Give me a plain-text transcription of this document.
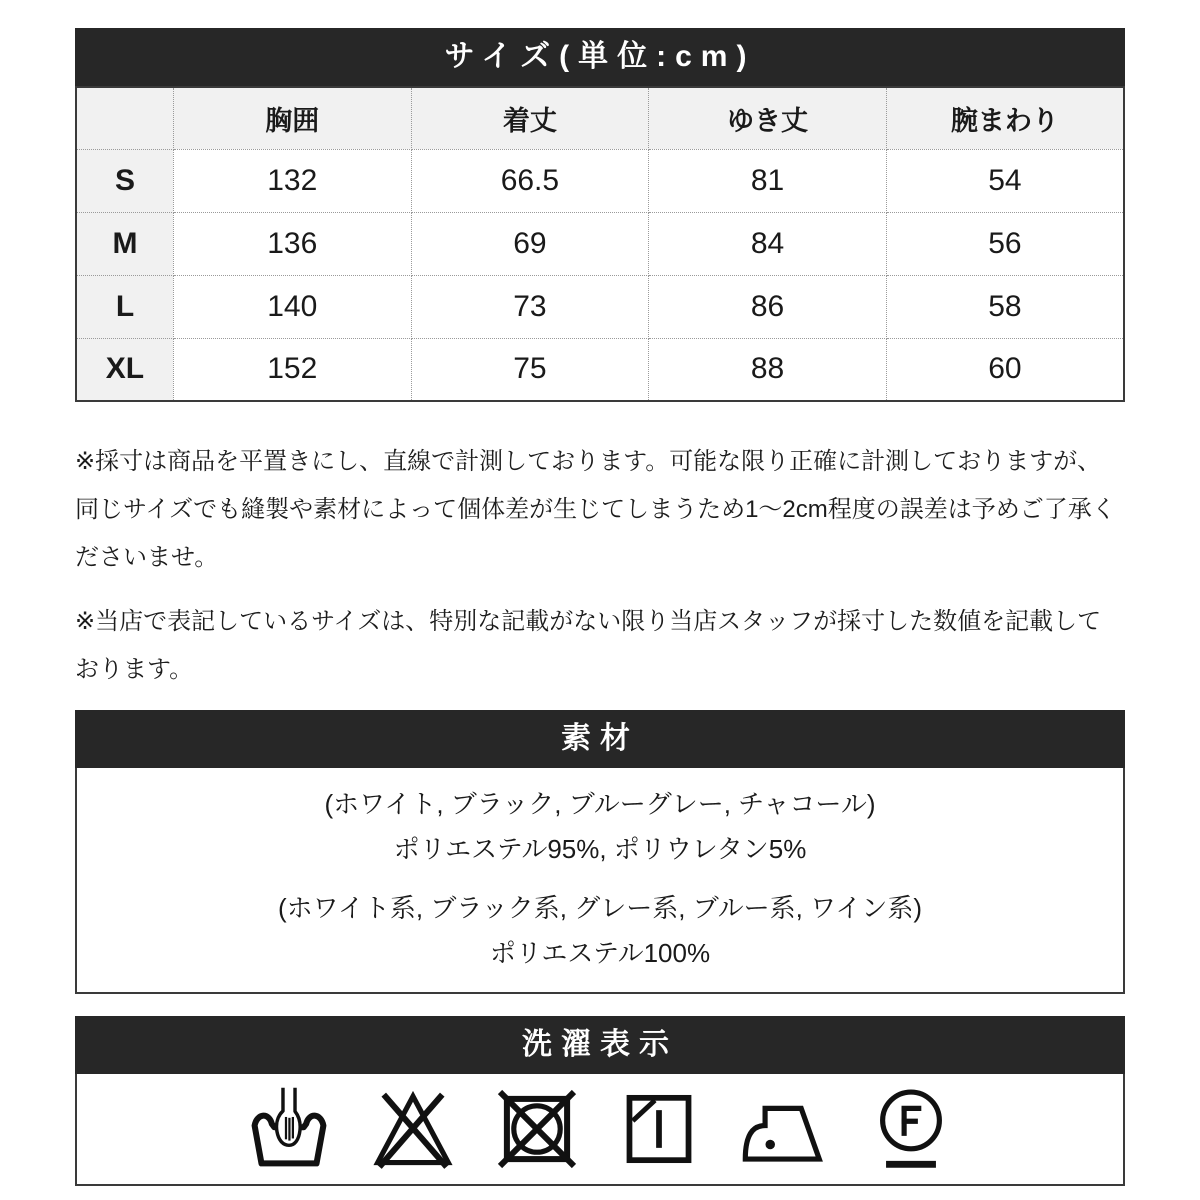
サイズ(単位:cm)
	胸囲	着丈	ゆき丈	腕まわり
S	132	66.5	81	54
M	136	69	84	56
L	140	73	86	58
XL	152	75	88	60

※採寸は商品を平置きにし、直線で計測しております。可能な限り正確に計測しておりますが、同じサイズでも縫製や素材によって個体差が生じてしまうため1〜2cm程度の誤差は予めご了承くださいませ。

※当店で表記しているサイズは、特別な記載がない限り当店スタッフが採寸した数値を記載しております。

素材

(ホワイト, ブラック, ブルーグレー, チャコール)

ポリエステル95%, ポリウレタン5%

(ホワイト系, ブラック系, グレー系, ブルー系, ワイン系)

ポリエステル100%

洗濯表示
